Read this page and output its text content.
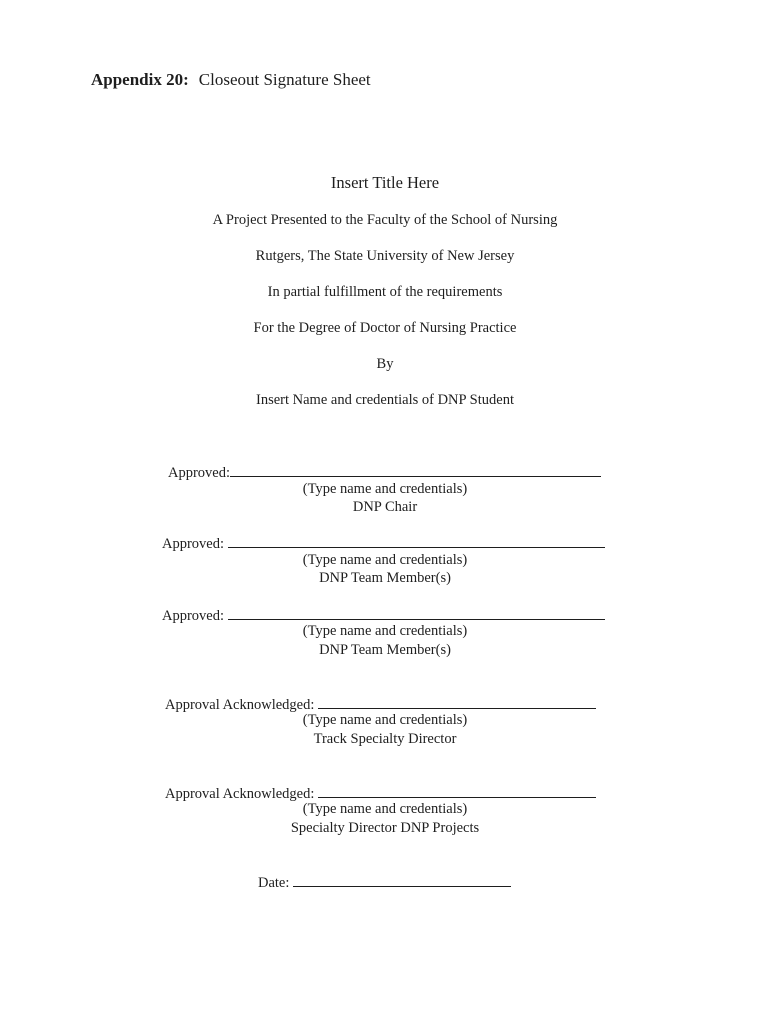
Appendix 20: Closeout Signature Sheet
Insert Title Here
A Project Presented to the Faculty of the School of Nursing
Rutgers, The State University of New Jersey
In partial fulfillment of the requirements
For the Degree of Doctor of Nursing Practice
By
Insert Name and credentials of DNP Student
Approved:
(Type name and credentials)
DNP Chair
Approved:
(Type name and credentials)
DNP Team Member(s)
Approved:
(Type name and credentials)
DNP Team Member(s)
Approval Acknowledged:
(Type name and credentials)
Track Specialty Director
Approval Acknowledged:
(Type name and credentials)
Specialty Director DNP Projects
Date:
